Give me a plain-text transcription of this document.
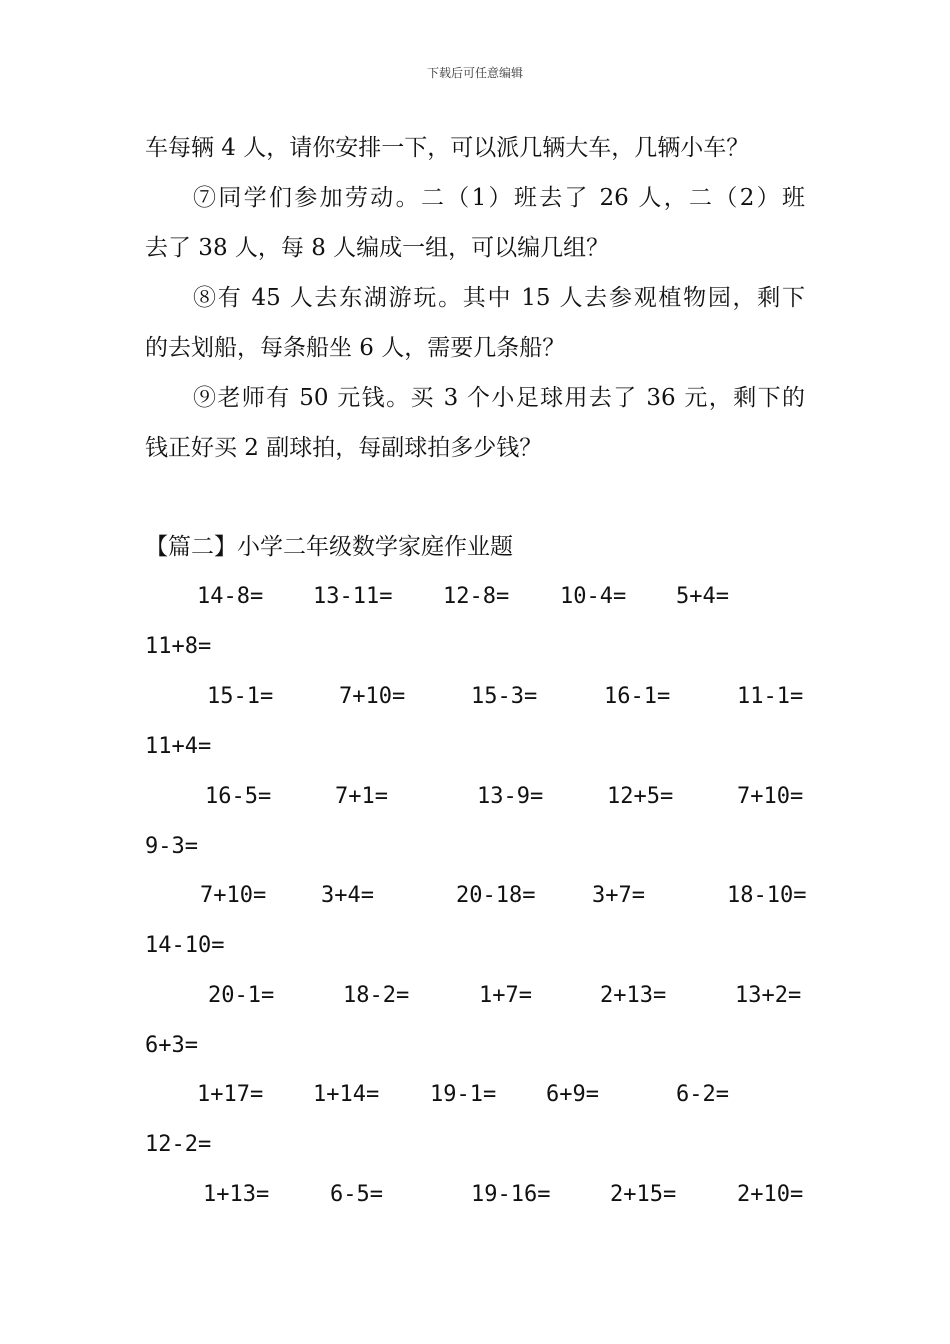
下载后可任意编辑
车每辆 4 人，请你安排一下，可以派几辆大车，几辆小车？
⑦同学们参加劳动。二（1）班去了 26 人，二（2）班
去了 38 人，每 8 人编成一组，可以编几组？
⑧有 45 人去东湖游玩。其中 15 人去参观植物园，剩下
的去划船，每条船坐 6 人，需要几条船？
⑨老师有 50 元钱。买 3 个小足球用去了 36 元，剩下的
钱正好买 2 副球拍，每副球拍多少钱？
【篇二】小学二年级数学家庭作业题
14-8= 13-11= 12-8= 10-4= 5+4=
11+8=
15-1=	7+10=	15-3=	16-1=	11-1=
11+4=
16-5=	7+1=	13-9=	12+5=	7+10=
9-3=
7+10= 3+4=	20-18=	3+7=	18-10=
14-10=
20-1=	18-2=	1+7=	2+13=	13+2=
6+3=
1+17= 1+14= 19-1= 6+9=	6-2=
12-2=
1+13=	6-5=	19-16=	2+15=	2+10=
